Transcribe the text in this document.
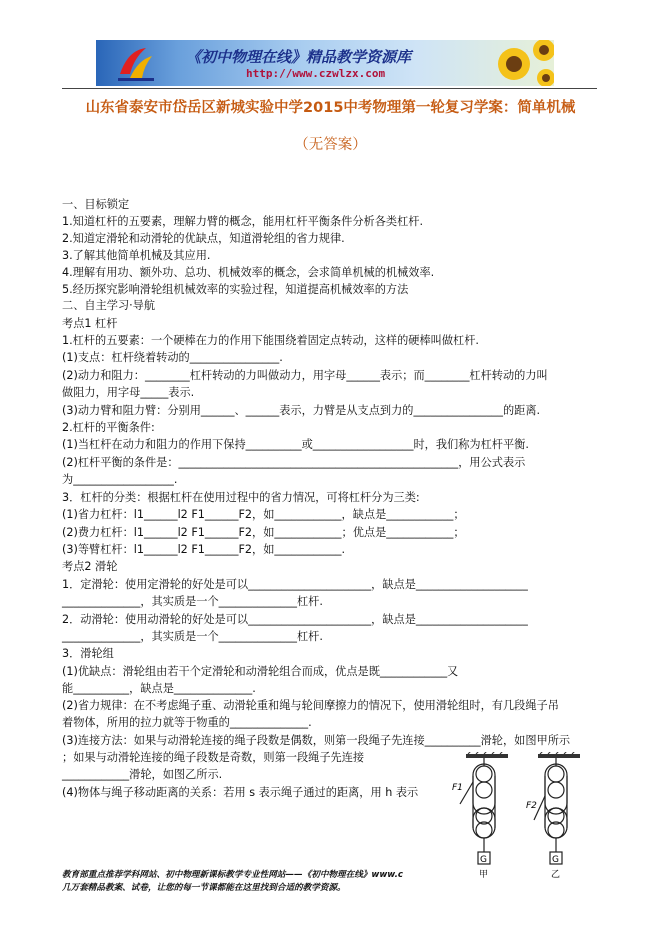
《初中物理在线》精品教学资源库
http://www.czwlzx.com
山东省泰安市岱岳区新城实验中学2015中考物理第一轮复习学案：简单机械
（无答案）
一、目标锁定
1.知道杠杆的五要素，理解力臂的概念，能用杠杆平衡条件分析各类杠杆.
2.知道定滑轮和动滑轮的优缺点，知道滑轮组的省力规律.
3.了解其他简单机械及其应用.
4.理解有用功、额外功、总功、机械效率的概念，会求简单机械的机械效率.
5.经历探究影响滑轮组机械效率的实验过程，知道提高机械效率的方法
二、自主学习·导航
考点1 杠杆
1.杠杆的五要素：一个硬棒在力的作用下能围绕着固定点转动，这样的硬棒叫做杠杆.
(1)支点：杠杆绕着转动的________________.
(2)动力和阻力：________杠杆转动的力叫做动力，用字母______表示；而________杠杆转动的力叫
做阻力，用字母_____表示.
(3)动力臂和阻力臂：分别用______、______表示，力臂是从支点到力的________________的距离.
2.杠杆的平衡条件:
(1)当杠杆在动力和阻力的作用下保持__________或__________________时，我们称为杠杆平衡.
(2)杠杆平衡的条件是：__________________________________________________，用公式表示
为__________________.
3．杠杆的分类：根据杠杆在使用过程中的省力情况，可将杠杆分为三类:
(1)省力杠杆：l1______l2 F1______F2，如____________，缺点是____________；
(2)费力杠杆：l1______l2 F1______F2，如____________；优点是____________；
(3)等臂杠杆：l1______l2 F1______F2，如____________.
考点2 滑轮
1．定滑轮：使用定滑轮的好处是可以______________________，缺点是____________________
______________，其实质是一个______________杠杆.
2．动滑轮：使用动滑轮的好处是可以______________________，缺点是____________________
______________，其实质是一个______________杠杆.
3．滑轮组
(1)优缺点：滑轮组由若干个定滑轮和动滑轮组合而成，优点是既____________又
能__________，缺点是______________.
(2)省力规律：在不考虑绳子重、动滑轮重和绳与轮间摩擦力的情况下，使用滑轮组时，有几段绳子吊
着物体，所用的拉力就等于物重的______________.
(3)连接方法：如果与动滑轮连接的绳子段数是偶数，则第一段绳子先连接__________滑轮，如图甲所示
；如果与动滑轮连接的绳子段数是奇数，则第一段绳子先连接
____________滑轮，如图乙所示.
(4)物体与绳子移动距离的关系：若用 s 表示绳子通过的距离，用 h 表示	F1
G
甲
F2
G
乙
教育部重点推荐学科网站、初中物理新课标教学专业性网站——《初中物理在线》www.c
几万套精品教案、试卷，让您的每一节课都能在这里找到合适的教学资源。
